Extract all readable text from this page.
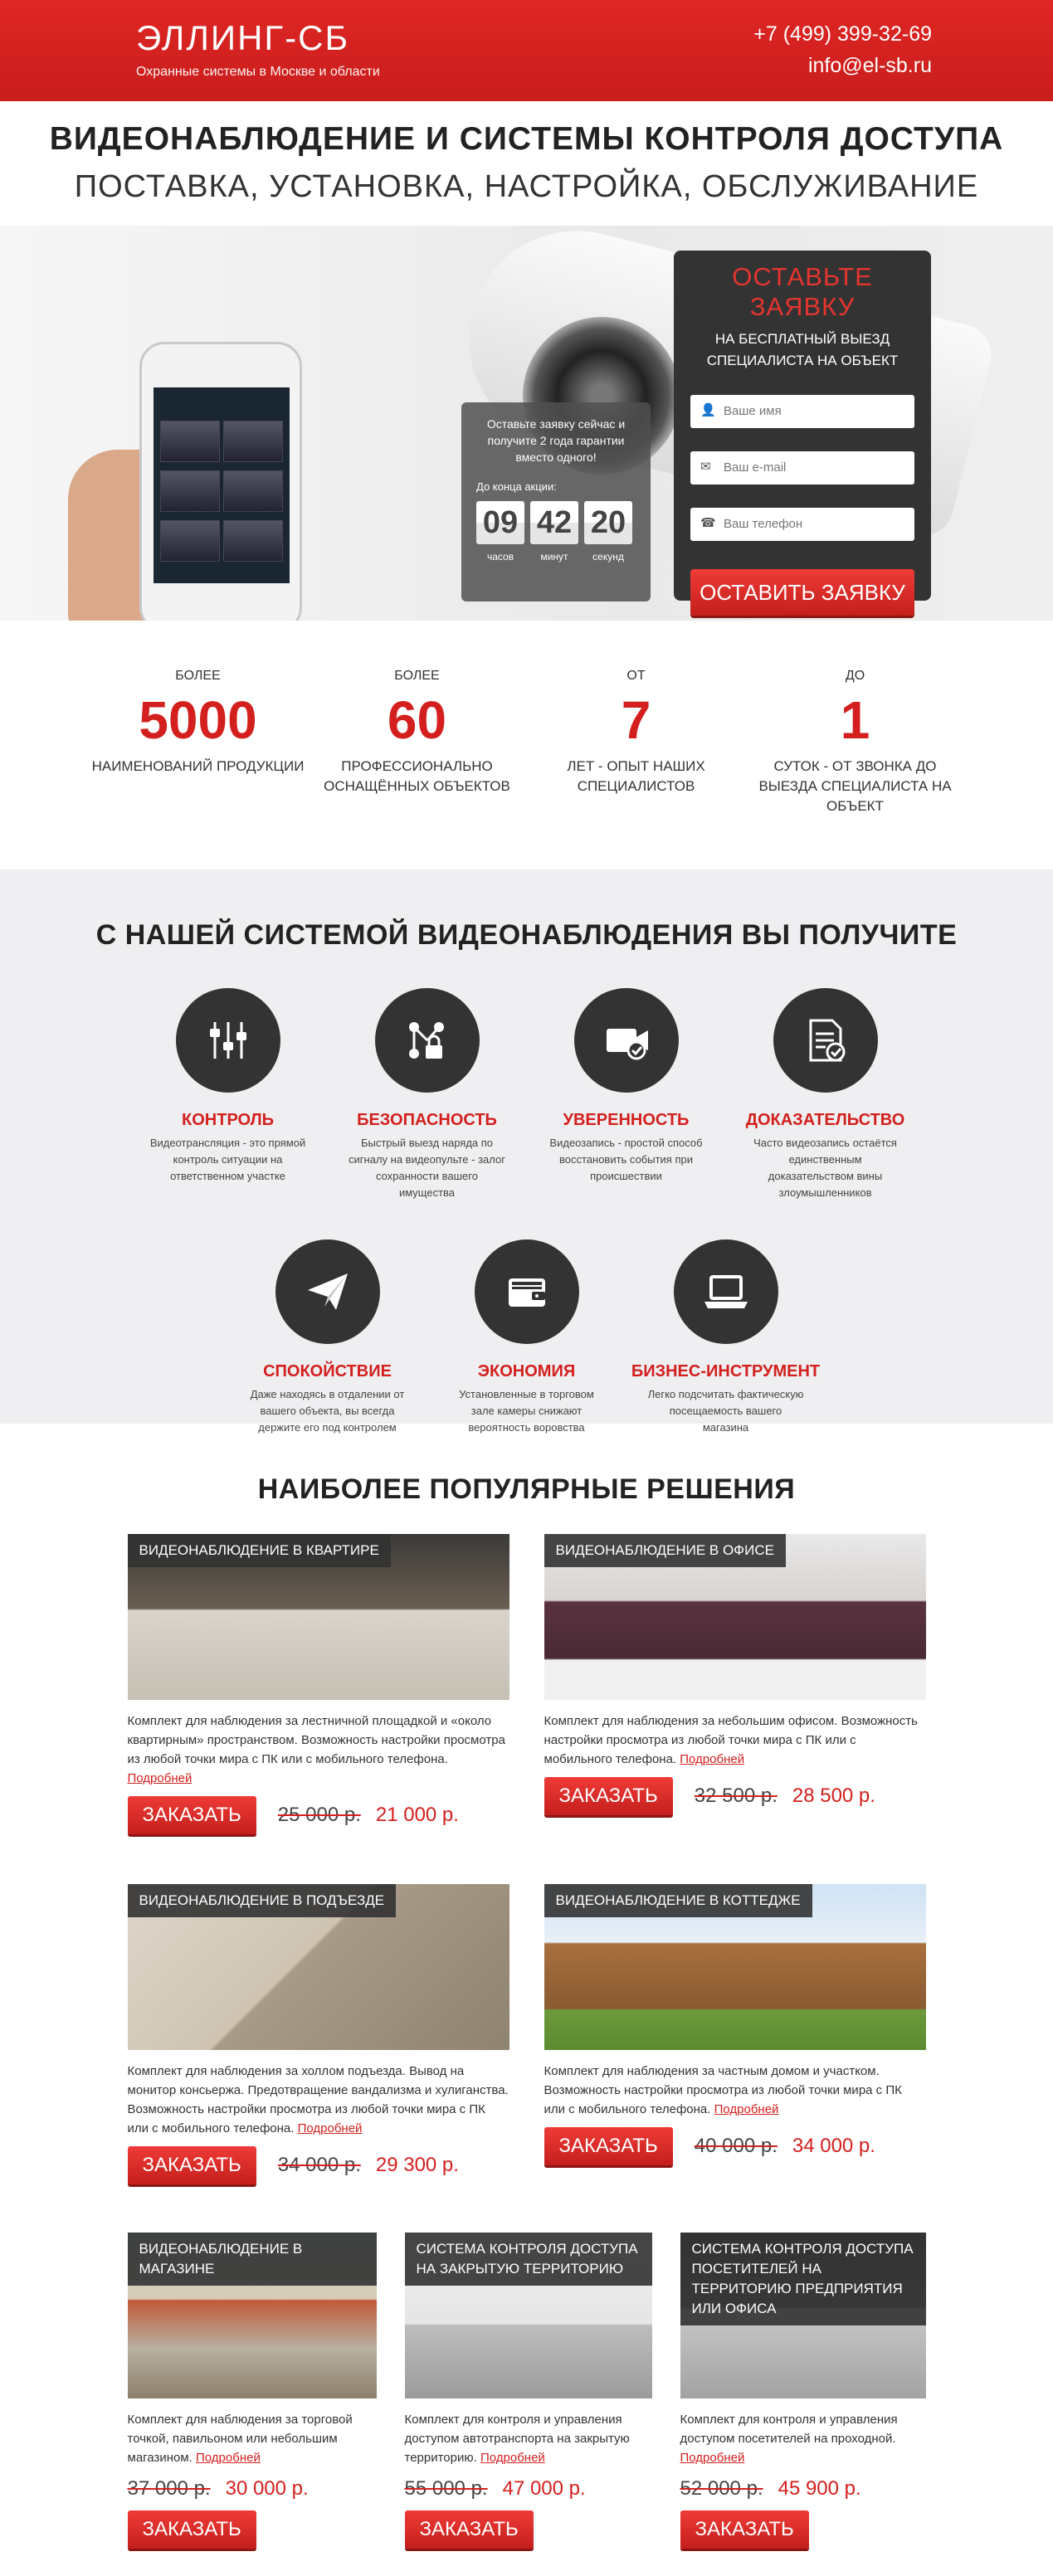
ЭЛЛИНГ-СБ
Охранные системы в Москве и области
+7 (499) 399-32-69
info@el-sb.ru
ВИДЕОНАБЛЮДЕНИЕ И СИСТЕМЫ КОНТРОЛЯ ДОСТУПА
ПОСТАВКА, УСТАНОВКА, НАСТРОЙКА, ОБСЛУЖИВАНИЕ
Оставьте заявку сейчас и получите 2 года гарантии вместо одного!
До конца акции:
09 42 20
часов	минут	секунд
ОСТАВЬТЕ ЗАЯВКУ
НА БЕСПЛАТНЫЙ ВЫЕЗД СПЕЦИАЛИСТА НА ОБЪЕКТ
👤
Ваше имя
✉
Ваш e-mail
☎
Ваш телефон
ОСТАВИТЬ ЗАЯВКУ
БОЛЕЕ
5000
НАИМЕНОВАНИЙ ПРОДУКЦИИ
БОЛЕЕ
60
ПРОФЕССИОНАЛЬНО ОСНАЩЁННЫХ ОБЪЕКТОВ
ОТ
7
ЛЕТ - ОПЫТ НАШИХ СПЕЦИАЛИСТОВ
ДО
1
СУТОК - ОТ ЗВОНКА ДО ВЫЕЗДА СПЕЦИАЛИСТА НА ОБЪЕКТ
С НАШЕЙ СИСТЕМОЙ ВИДЕОНАБЛЮДЕНИЯ ВЫ ПОЛУЧИТЕ
КОНТРОЛЬ
Видеотрансляция - это прямой контроль ситуации на ответственном участке
БЕЗОПАСНОСТЬ
Быстрый выезд наряда по сигналу на видеопульте - залог сохранности вашего имущества
УВЕРЕННОСТЬ
Видеозапись - простой способ восстановить события при происшествии
ДОКАЗАТЕЛЬСТВО
Часто видеозапись остаётся единственным доказательством вины злоумышленников
СПОКОЙСТВИЕ
Даже находясь в отдалении от вашего объекта, вы всегда держите его под контролем
ЭКОНОМИЯ
Установленные в торговом зале камеры снижают вероятность воровства
БИЗНЕС-ИНСТРУМЕНТ
Легко подсчитать фактическую посещаемость вашего магазина
НАИБОЛЕЕ ПОПУЛЯРНЫЕ РЕШЕНИЯ
ВИДЕОНАБЛЮДЕНИЕ В КВАРТИРЕ
Комплект для наблюдения за лестничной площадкой и «около квартирным» пространством. Возможность настройки просмотра из любой точки мира с ПК или с мобильного телефона. Подробней
ЗАКАЗАТЬ	25 000 р. 21 000 р.
ВИДЕОНАБЛЮДЕНИЕ В ОФИСЕ
Комплект для наблюдения за небольшим офисом. Возможность настройки просмотра из любой точки мира с ПК или с мобильного телефона. Подробней
ЗАКАЗАТЬ	32 500 р. 28 500 р.
ВИДЕОНАБЛЮДЕНИЕ В ПОДЪЕЗДЕ
Комплект для наблюдения за холлом подъезда. Вывод на монитор консьержа. Предотвращение вандализма и хулиганства. Возможность настройки просмотра из любой точки мира с ПК или с мобильного телефона. Подробней
ЗАКАЗАТЬ	34 000 р. 29 300 р.
ВИДЕОНАБЛЮДЕНИЕ В КОТТЕДЖЕ
Комплект для наблюдения за частным домом и участком. Возможность настройки просмотра из любой точки мира с ПК или с мобильного телефона. Подробней
ЗАКАЗАТЬ	40 000 р. 34 000 р.
ВИДЕОНАБЛЮДЕНИЕ В МАГАЗИНЕ
Комплект для наблюдения за торговой точкой, павильоном или небольшим магазином. Подробней
37 000 р. 30 000 р.
ЗАКАЗАТЬ
СИСТЕМА КОНТРОЛЯ ДОСТУПА НА ЗАКРЫТУЮ ТЕРРИТОРИЮ
Комплект для контроля и управления доступом автотранспорта на закрытую территорию. Подробней
55 000 р. 47 000 р.
ЗАКАЗАТЬ
СИСТЕМА КОНТРОЛЯ ДОСТУПА ПОСЕТИТЕЛЕЙ НА ТЕРРИТОРИЮ ПРЕДПРИЯТИЯ ИЛИ ОФИСА
Комплект для контроля и управления доступом посетителей на проходной. Подробней
52 000 р. 45 900 р.
ЗАКАЗАТЬ
